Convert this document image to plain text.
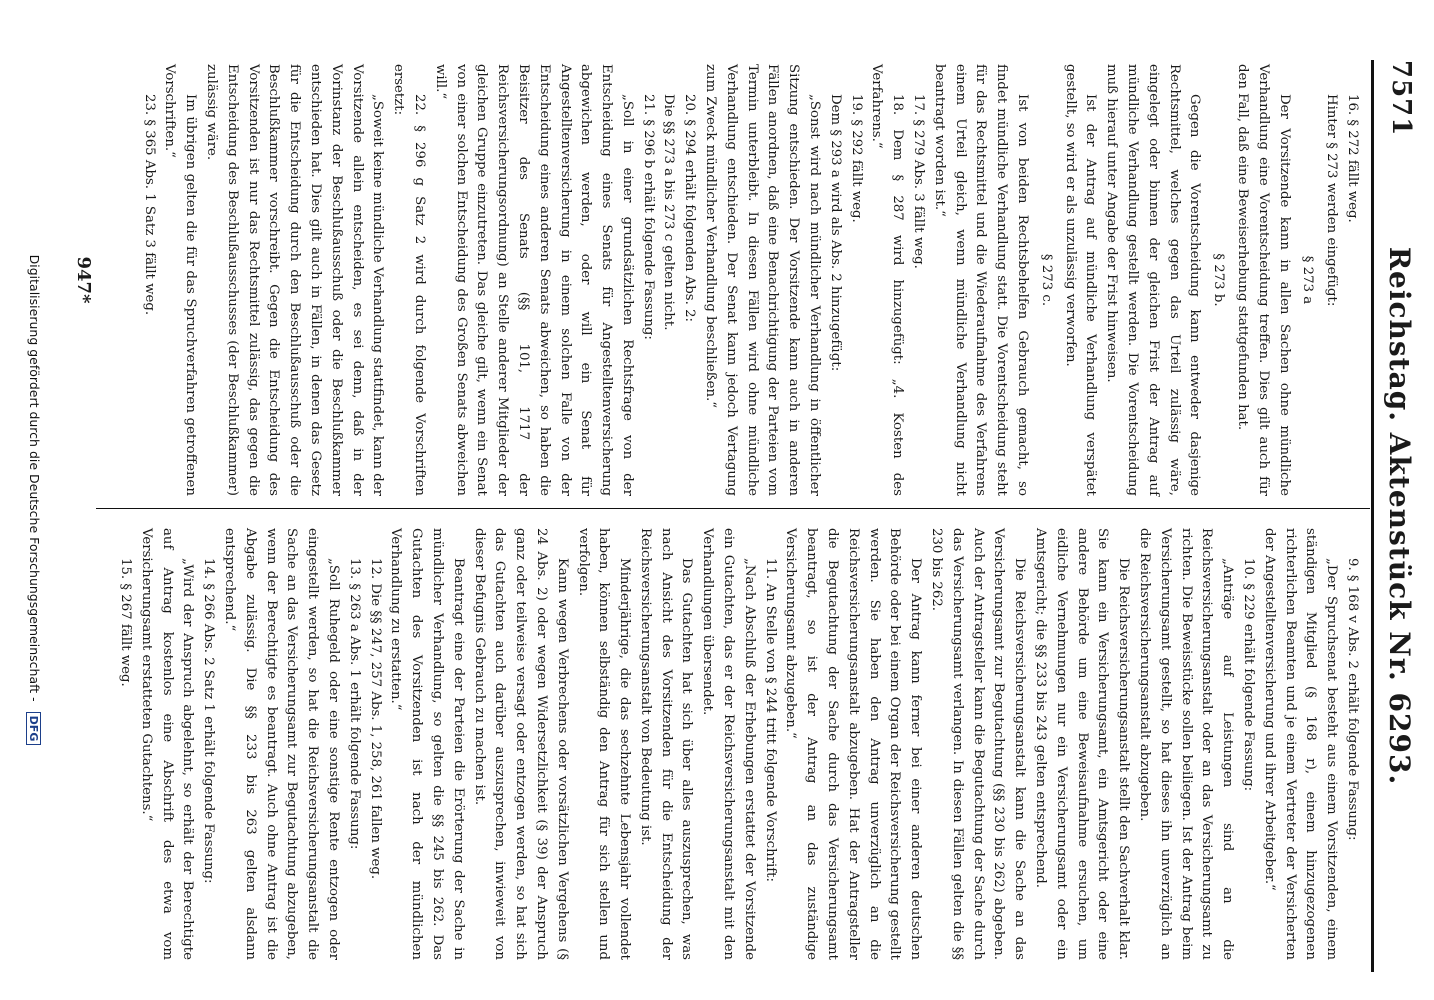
7571
Reichstag. Aktenstück Nr. 6293.

16. § 272 fällt weg.

Hinter § 273 werden eingefügt:

§ 273 a

Der Vorsitzende kann in allen Sachen ohne mündliche Verhandlung eine Vorentscheidung treffen. Dies gilt auch für den Fall, daß eine Beweiserhebung stattgefunden hat.

§ 273 b.

Gegen die Vorentscheidung kann entweder dasjenige Rechtsmittel, welches gegen das Urteil zulässig wäre, eingelegt oder binnen der gleichen Frist der Antrag auf mündliche Verhandlung gestellt werden. Die Vorentscheidung muß hierauf unter Angabe der Frist hinweisen.

Ist der Antrag auf mündliche Verhandlung verspätet gestellt, so wird er als unzulässig verworfen.

§ 273 c.

Ist von beiden Rechtsbehelfen Gebrauch gemacht, so findet mündliche Verhandlung statt. Die Vorentscheidung steht für das Rechtsmittel und die Wiederaufnahme des Verfahrens einem Urteil gleich, wenn mündliche Verhandlung nicht beantragt worden ist.“

17. § 279 Abs. 3 fällt weg.

18. Dem § 287 wird hinzugefügt: „4. Kosten des Verfahrens.“

19. § 292 fällt weg.

Dem § 293 a wird als Abs. 2 hinzugefügt:

„Sonst wird nach mündlicher Verhandlung in öffentlicher Sitzung entschieden. Der Vorsitzende kann auch in anderen Fällen anordnen, daß eine Benachrichtigung der Parteien vom Termin unterbleibt. In diesen Fällen wird ohne mündliche Verhandlung entschieden. Der Senat kann jedoch Vertagung zum Zweck mündlicher Verhandlung beschließen.“

20. § 294 erhält folgenden Abs. 2:

Die §§ 273 a bis 273 c gelten nicht.

21. § 296 b erhält folgende Fassung:

„Soll in einer grundsätzlichen Rechtsfrage von der Entscheidung eines Senats für Angestelltenversicherung abgewichen werden, oder will ein Senat für Angestelltenversicherung in einem solchen Falle von der Entscheidung eines anderen Senats abweichen, so haben die Beisitzer des Senats (§§ 101, 1717 der Reichsversicherungsordnung) an Stelle anderer Mitglieder der gleichen Gruppe einzutreten. Das gleiche gilt, wenn ein Senat von einer solchen Entscheidung des Großen Senats abweichen will.“

22. § 296 g Satz 2 wird durch folgende Vorschriften ersetzt:

„Soweit keine mündliche Verhandlung stattfindet, kann der Vorsitzende allein entscheiden, es sei denn, daß in der Vorinstanz der Beschlußausschuß oder die Beschlußkammer entschieden hat. Dies gilt auch in Fällen, in denen das Gesetz für die Entscheidung durch den Beschlußausschuß oder die Beschlußkammer vorschreibt. Gegen die Entscheidung des Vorsitzenden ist nur das Rechtsmittel zulässig, das gegen die Entscheidung des Beschlußausschusses (der Beschlußkammer) zulässig wäre.

Im übrigen gelten die für das Spruchverfahren getroffenen Vorschriften.“

23. § 365 Abs. 1 Satz 3 fällt weg.

9. § 168 v Abs. 2 erhält folgende Fassung:

„Der Spruchsenat besteht aus einem Vorsitzenden, einem ständigen Mitglied (§ 168 r), einem hinzugezogenen richterlichen Beamten und je einem Vertreter der Versicherten der Angestelltenversicherung und ihrer Arbeitgeber.“

10. § 229 erhält folgende Fassung:

„Anträge auf Leistungen sind an die Reichsversicherungsanstalt oder an das Versicherungsamt zu richten. Die Beweisstücke sollen beiliegen. Ist der Antrag beim Versicherungsamt gestellt, so hat dieses ihn unverzüglich an die Reichsversicherungsanstalt abzugeben.

Die Reichsversicherungsanstalt stellt den Sachverhalt klar. Sie kann ein Versicherungsamt, ein Amtsgericht oder eine andere Behörde um eine Beweisaufnahme ersuchen, um eidliche Vernehmungen nur ein Versicherungsamt oder ein Amtsgericht; die §§ 233 bis 243 gelten entsprechend.

Die Reichsversicherungsanstalt kann die Sache an das Versicherungsamt zur Begutachtung (§§ 230 bis 262) abgeben. Auch der Antragsteller kann die Begutachtung der Sache durch das Versicherungsamt verlangen. In diesen Fällen gelten die §§ 230 bis 262.

Der Antrag kann ferner bei einer anderen deutschen Behörde oder bei einem Organ der Reichsversicherung gestellt werden. Sie haben den Antrag unverzüglich an die Reichsversicherungsanstalt abzugeben. Hat der Antragsteller die Begutachtung der Sache durch das Versicherungsamt beantragt, so ist der Antrag an das zuständige Versicherungsamt abzugeben.“

11. An Stelle von § 244 tritt folgende Vorschrift:

„Nach Abschluß der Erhebungen erstattet der Vorsitzende ein Gutachten, das er der Reichsversicherungsanstalt mit den Verhandlungen übersendet.

Das Gutachten hat sich über alles auszusprechen, was nach Ansicht des Vorsitzenden für die Entscheidung der Reichsversicherungsanstalt von Bedeutung ist.

Minderjährige, die das sechzehnte Lebensjahr vollendet haben, können selbständig den Antrag für sich stellen und verfolgen.

Kann wegen Verbrechens oder vorsätzlichen Vergehens (§ 24 Abs. 2) oder wegen Widersetzlichkeit (§ 39) der Anspruch ganz oder teilweise versagt oder entzogen werden, so hat sich das Gutachten auch darüber auszusprechen, inwieweit von dieser Befugnis Gebrauch zu machen ist.

Beantragt eine der Parteien die Erörterung der Sache in mündlicher Verhandlung, so gelten die §§ 245 bis 262. Das Gutachten des Vorsitzenden ist nach der mündlichen Verhandlung zu erstatten.“

12. Die §§ 247, 257 Abs. 1, 258, 261 fallen weg.

13. § 263 a Abs. 1 erhält folgende Fassung:

„Soll Ruhegeld oder eine sonstige Rente entzogen oder eingestellt werden, so hat die Reichsversicherungsanstalt die Sache an das Versicherungsamt zur Begutachtung abzugeben, wenn der Berechtigte es beantragt. Auch ohne Antrag ist die Abgabe zulässig. Die §§ 233 bis 263 gelten alsdann entsprechend.“

14. § 266 Abs. 2 Satz 1 erhält folgende Fassung:

„Wird der Anspruch abgelehnt, so erhält der Berechtigte auf Antrag kostenlos eine Abschrift des etwa vom Versicherungsamt erstatteten Gutachtens.“

15. § 267 fällt weg.

947*
Digitalisierung gefördert durch die Deutsche Forschungsgemeinschaft - DFG
